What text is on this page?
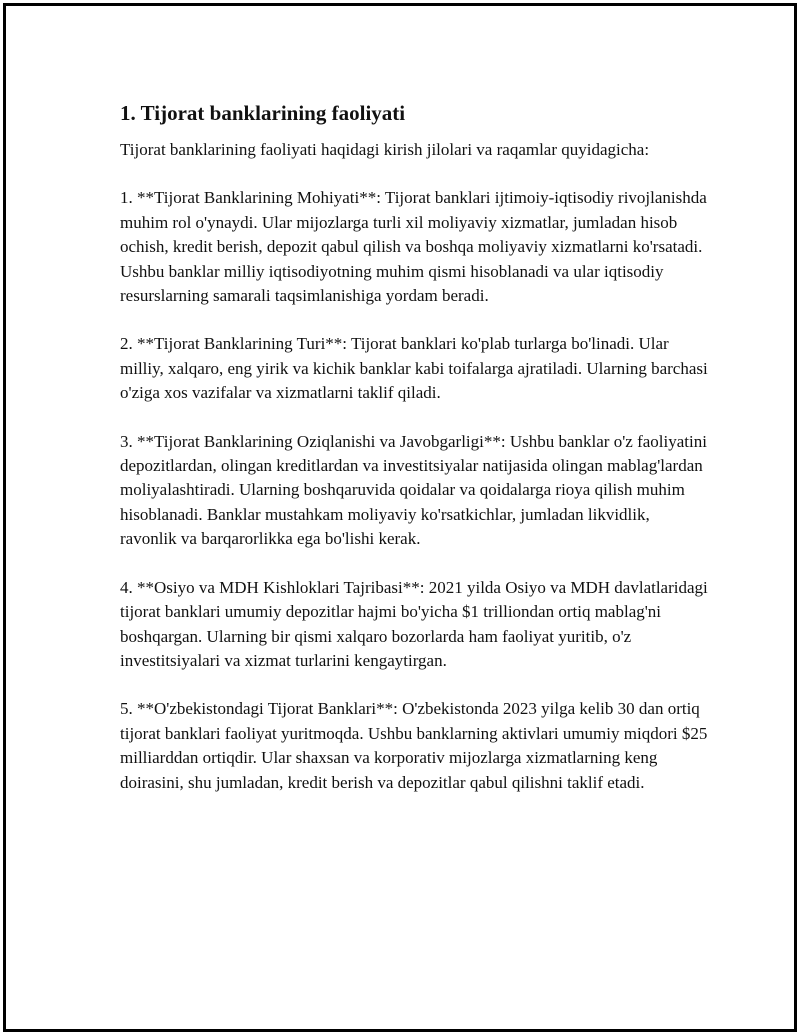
1. Tijorat banklarining faoliyati

Tijorat banklarining faoliyati haqidagi kirish jilolari va raqamlar quyidagicha:

1. **Tijorat Banklarining Mohiyati**: Tijorat banklari ijtimoiy-iqtisodiy rivojlanishda muhim rol o'ynaydi. Ular mijozlarga turli xil moliyaviy xizmatlar, jumladan hisob ochish, kredit berish, depozit qabul qilish va boshqa moliyaviy xizmatlarni ko'rsatadi. Ushbu banklar milliy iqtisodiyotning muhim qismi hisoblanadi va ular iqtisodiy resurslarning samarali taqsimlanishiga yordam beradi.

2. **Tijorat Banklarining Turi**: Tijorat banklari ko'plab turlarga bo'linadi. Ular milliy, xalqaro, eng yirik va kichik banklar kabi toifalarga ajratiladi. Ularning barchasi o'ziga xos vazifalar va xizmatlarni taklif qiladi.

3. **Tijorat Banklarining Oziqlanishi va Javobgarligi**: Ushbu banklar o'z faoliyatini depozitlardan, olingan kreditlardan va investitsiyalar natijasida olingan mablag'lardan moliyalashtiradi. Ularning boshqaruvida qoidalar va qoidalarga rioya qilish muhim hisoblanadi. Banklar mustahkam moliyaviy ko'rsatkichlar, jumladan likvidlik, ravonlik va barqarorlikka ega bo'lishi kerak.

4. **Osiyo va MDH Kishloklari Tajribasi**: 2021 yilda Osiyo va MDH davlatlaridagi tijorat banklari umumiy depozitlar hajmi bo'yicha $1 trilliondan ortiq mablag'ni boshqargan. Ularning bir qismi xalqaro bozorlarda ham faoliyat yuritib, o'z investitsiyalari va xizmat turlarini kengaytirgan.

5. **O'zbekistondagi Tijorat Banklari**: O'zbekistonda 2023 yilga kelib 30 dan ortiq tijorat banklari faoliyat yuritmoqda. Ushbu banklarning aktivlari umumiy miqdori $25 milliarddan ortiqdir. Ular shaxsan va korporativ mijozlarga xizmatlarning keng doirasini, shu jumladan, kredit berish va depozitlar qabul qilishni taklif etadi.
